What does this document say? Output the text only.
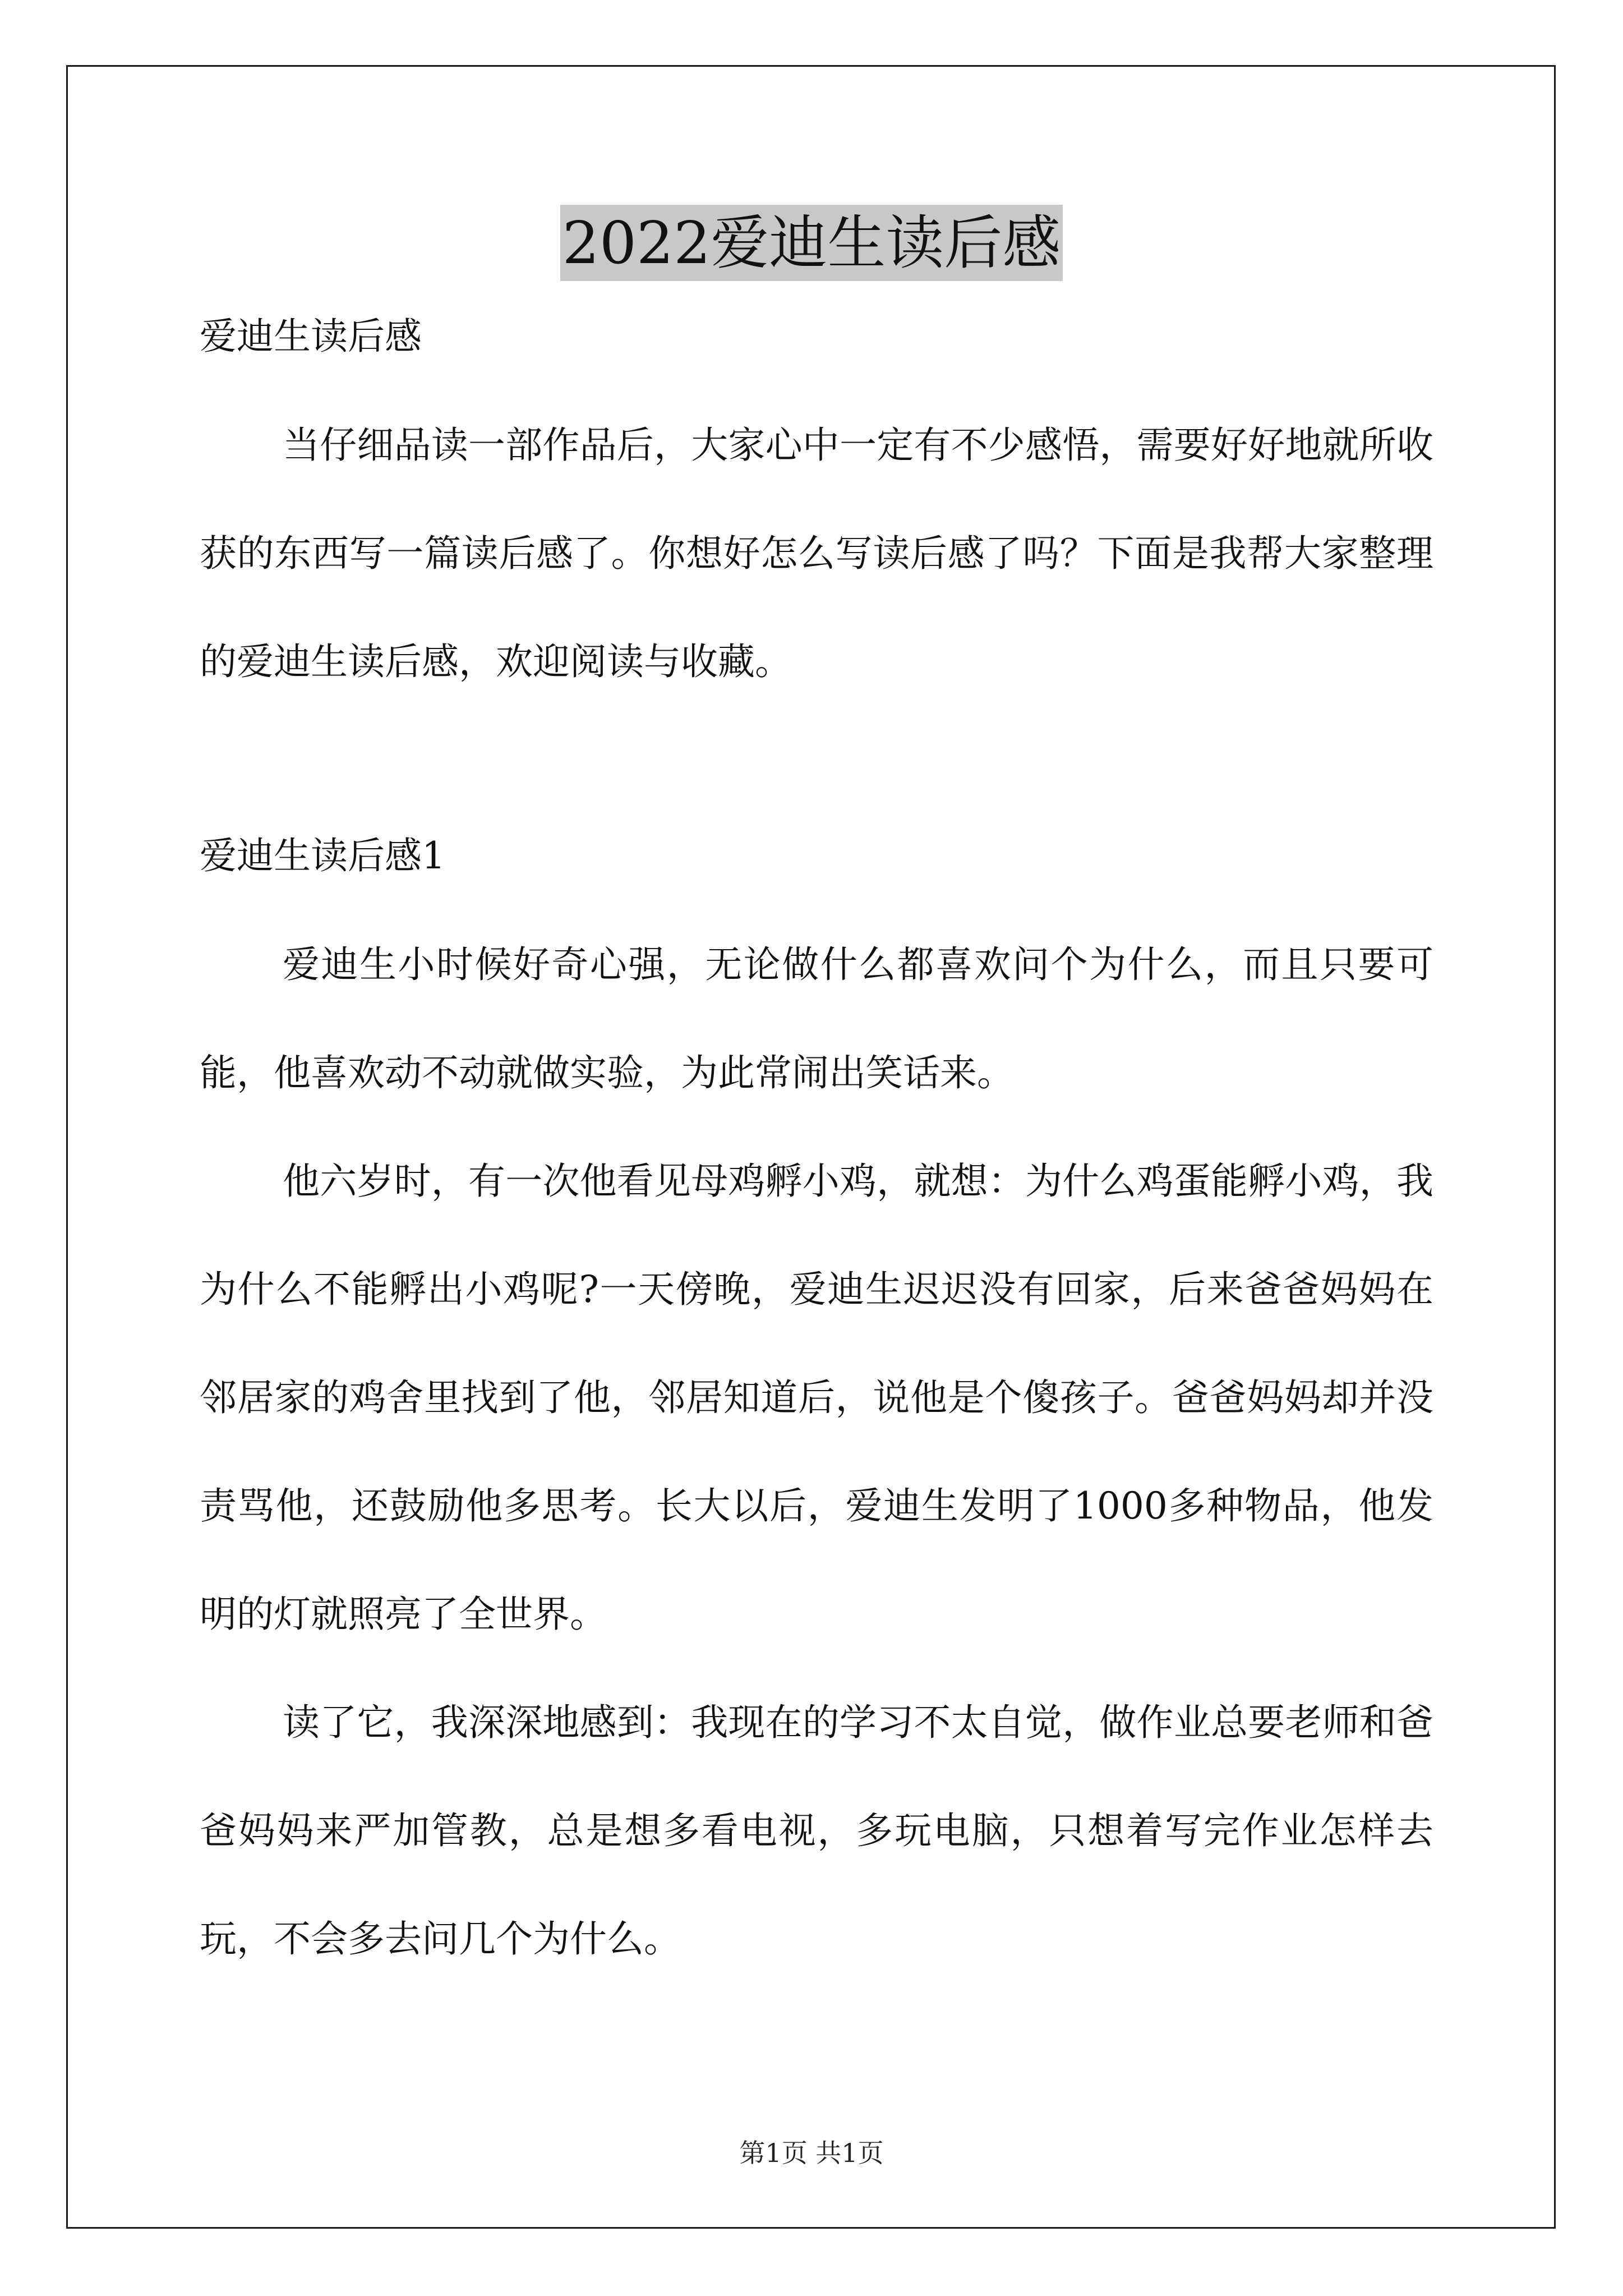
2022爱迪生读后感

爱迪生读后感

当仔细品读一部作品后，大家心中一定有不少感悟，需要好好地就所收获的东西写一篇读后感了。你想好怎么写读后感了吗？下面是我帮大家整理的爱迪生读后感，欢迎阅读与收藏。

爱迪生读后感1

爱迪生小时候好奇心强，无论做什么都喜欢问个为什么，而且只要可能，他喜欢动不动就做实验，为此常闹出笑话来。

他六岁时，有一次他看见母鸡孵小鸡，就想：为什么鸡蛋能孵小鸡，我为什么不能孵出小鸡呢?一天傍晚，爱迪生迟迟没有回家，后来爸爸妈妈在邻居家的鸡舍里找到了他，邻居知道后，说他是个傻孩子。爸爸妈妈却并没责骂他，还鼓励他多思考。长大以后，爱迪生发明了1000多种物品，他发明的灯就照亮了全世界。

读了它，我深深地感到：我现在的学习不太自觉，做作业总要老师和爸爸妈妈来严加管教，总是想多看电视，多玩电脑，只想着写完作业怎样去玩，不会多去问几个为什么。

第1页 共1页
